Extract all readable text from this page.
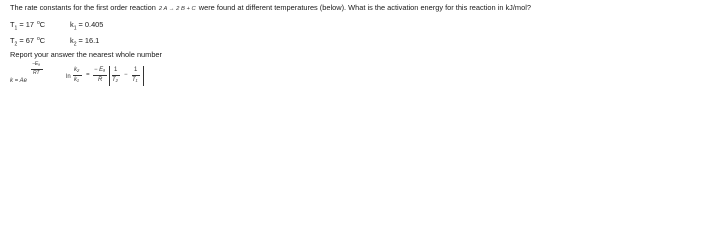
The rate constants for the first order reaction 2 A → 2 B + C were found at different temperatures (below). What is the activation energy for this reaction in kJ/mol?
$T_1 = 17$ $^o$C	$k_1 = 0.405$
$T_2 = 67$ $^o$C	$k_2 = 16.1$
Report your answer the nearest whole number
k = Ae
−Eₐ
RT
ln
k₂
k₁
=
− Eₐ
R
1
T₂
−
1
T₁
